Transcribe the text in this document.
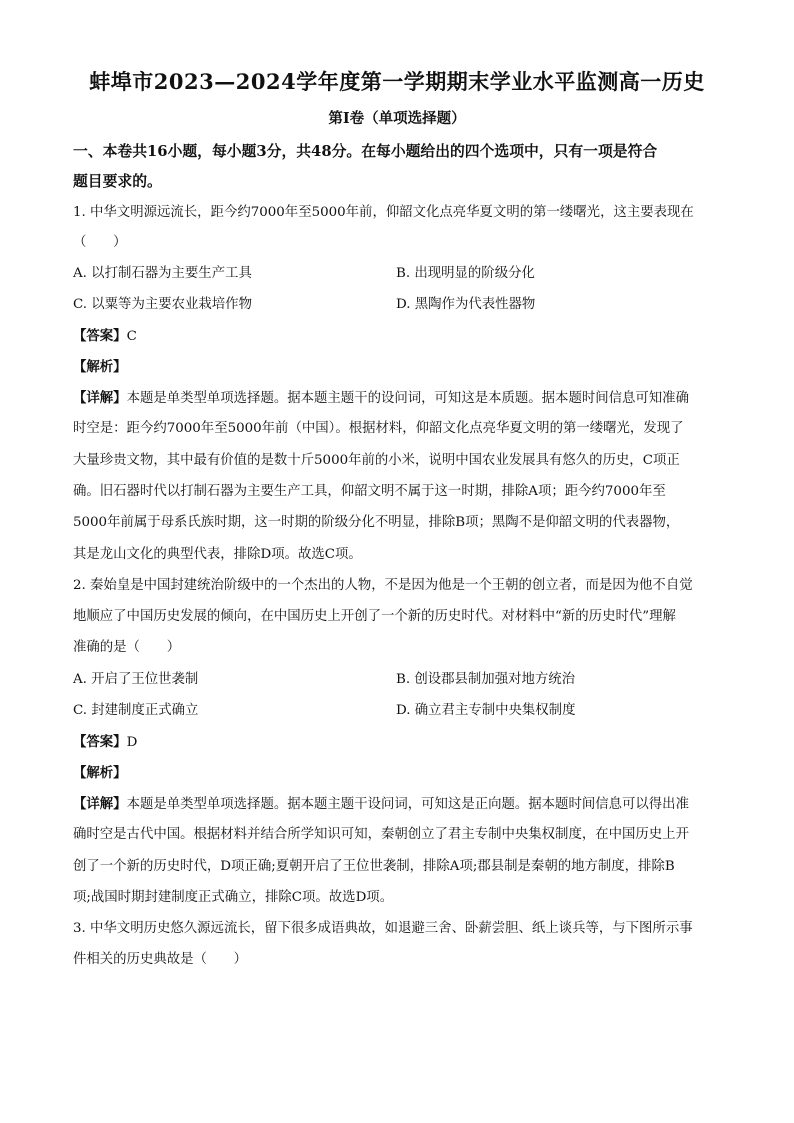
蚌埠市2023—2024学年度第一学期期末学业水平监测高一历史
第Ⅰ卷（单项选择题）
一、本卷共16小题，每小题3分，共48分。在每小题给出的四个选项中，只有一项是符合
题目要求的。
1. 中华文明源远流长，距今约7000年至5000年前，仰韶文化点亮华夏文明的第一缕曙光，这主要表现在
（　　）
A. 以打制石器为主要生产工具	B. 出现明显的阶级分化
C. 以粟等为主要农业栽培作物	D. 黑陶作为代表性器物
【答案】C
【解析】
【详解】本题是单类型单项选择题。据本题主题干的设问词，可知这是本质题。据本题时间信息可知准确
时空是：距今约7000年至5000年前（中国）。根据材料，仰韶文化点亮华夏文明的第一缕曙光，发现了
大量珍贵文物，其中最有价值的是数十斤5000年前的小米，说明中国农业发展具有悠久的历史，C项正
确。旧石器时代以打制石器为主要生产工具，仰韶文明不属于这一时期，排除A项；距今约7000年至
5000年前属于母系氏族时期，这一时期的阶级分化不明显，排除B项；黑陶不是仰韶文明的代表器物，
其是龙山文化的典型代表，排除D项。故选C项。
2. 秦始皇是中国封建统治阶级中的一个杰出的人物，不是因为他是一个王朝的创立者，而是因为他不自觉
地顺应了中国历史发展的倾向，在中国历史上开创了一个新的历史时代。对材料中“新的历史时代”理解
准确的是（　　）
A. 开启了王位世袭制	B. 创设郡县制加强对地方统治
C. 封建制度正式确立	D. 确立君主专制中央集权制度
【答案】D
【解析】
【详解】本题是单类型单项选择题。据本题主题干设问词，可知这是正向题。据本题时间信息可以得出准
确时空是古代中国。根据材料并结合所学知识可知，秦朝创立了君主专制中央集权制度，在中国历史上开
创了一个新的历史时代，D项正确;夏朝开启了王位世袭制，排除A项;郡县制是秦朝的地方制度，排除B
项;战国时期封建制度正式确立，排除C项。故选D项。
3. 中华文明历史悠久源远流长，留下很多成语典故，如退避三舍、卧薪尝胆、纸上谈兵等，与下图所示事
件相关的历史典故是（　　）
